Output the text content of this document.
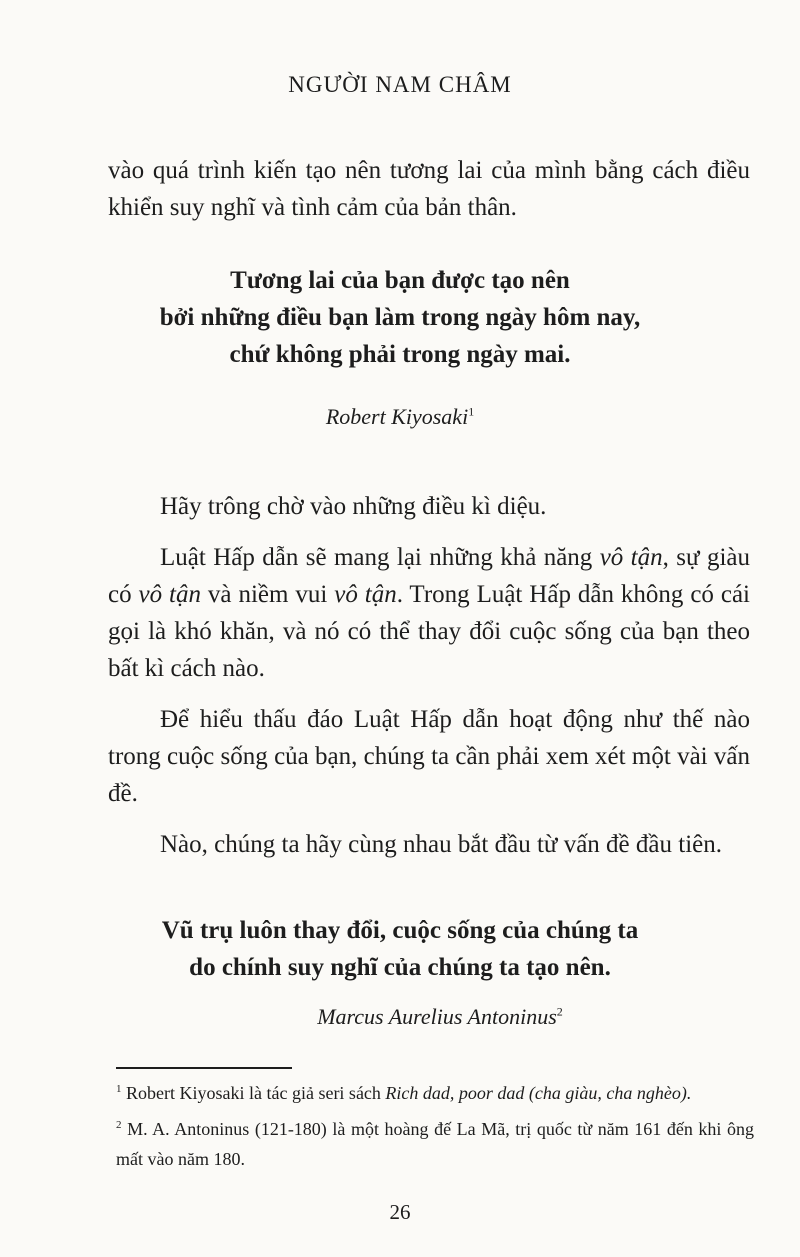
NGƯỜI NAM CHÂM

vào quá trình kiến tạo nên tương lai của mình bằng cách điều khiển suy nghĩ và tình cảm của bản thân.

Tương lai của bạn được tạo nên
bởi những điều bạn làm trong ngày hôm nay,
chứ không phải trong ngày mai.
Robert Kiyosaki$^1$

Hãy trông chờ vào những điều kì diệu.

Luật Hấp dẫn sẽ mang lại những khả năng vô tận, sự giàu có vô tận và niềm vui vô tận. Trong Luật Hấp dẫn không có cái gọi là khó khăn, và nó có thể thay đổi cuộc sống của bạn theo bất kì cách nào.

Để hiểu thấu đáo Luật Hấp dẫn hoạt động như thế nào trong cuộc sống của bạn, chúng ta cần phải xem xét một vài vấn đề.

Nào, chúng ta hãy cùng nhau bắt đầu từ vấn đề đầu tiên.

Vũ trụ luôn thay đổi, cuộc sống của chúng ta
do chính suy nghĩ của chúng ta tạo nên.
Marcus Aurelius Antoninus$^2$

$^1$ Robert Kiyosaki là tác giả seri sách Rich dad, poor dad (cha giàu, cha nghèo).

$^2$ M. A. Antoninus (121-180) là một hoàng đế La Mã, trị quốc từ năm 161 đến khi ông mất vào năm 180.

26
